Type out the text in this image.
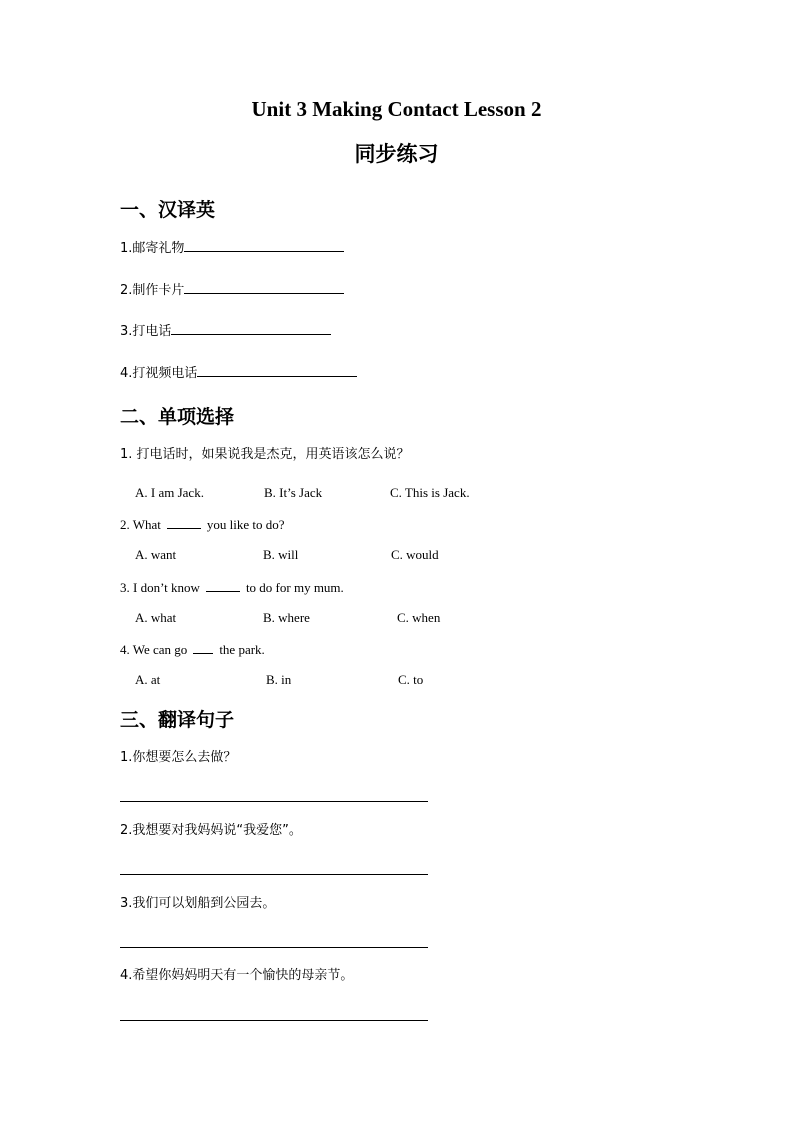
Unit 3 Making Contact Lesson 2
同步练习
一、汉译英
1.邮寄礼物
2.制作卡片
3.打电话
4.打视频电话
二、单项选择
1. 打电话时，如果说我是杰克，用英语该怎么说？
A. I am Jack.	B. It’s Jack	C. This is Jack.
2. What	you like to do?
A. want	B. will	C. would
3. I don’t know	to do for my mum.
A. what	B. where	C. when
4. We can go the park.
A. at	B. in	C. to
三、翻译句子
1.你想要怎么去做？
2.我想要对我妈妈说“我爱您”。
3.我们可以划船到公园去。
4.希望你妈妈明天有一个愉快的母亲节。
